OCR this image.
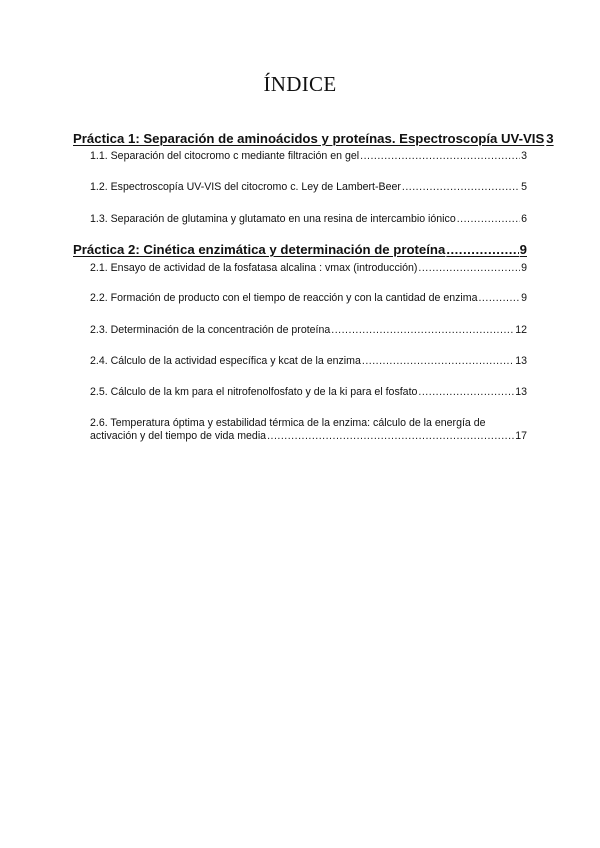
ÍNDICE
Práctica 1: Separación de aminoácidos y proteínas. Espectroscopía UV-VIS 3
1.1. Separación del citocromo c mediante filtración en gel .....	3
1.2. Espectroscopía UV-VIS del citocromo c. Ley de Lambert-Beer .....	5
1.3. Separación de glutamina y glutamato en una resina de intercambio iónico .....	6
Práctica 2: Cinética enzimática y determinación de proteína .....	9
2.1. Ensayo de actividad de la fosfatasa alcalina : vmax (introducción) .....	9
2.2. Formación de producto con el tiempo de reacción y con la cantidad de enzima .....	9
2.3. Determinación de la concentración de proteína .....	12
2.4. Cálculo de la actividad específica y kcat de la enzima .....	13
2.5. Cálculo de la km para el nitrofenolfosfato y de la ki para el fosfato .....	13
2.6. Temperatura óptima y estabilidad térmica de la enzima: cálculo de la energía de
activación y del tiempo de vida media .....	17
